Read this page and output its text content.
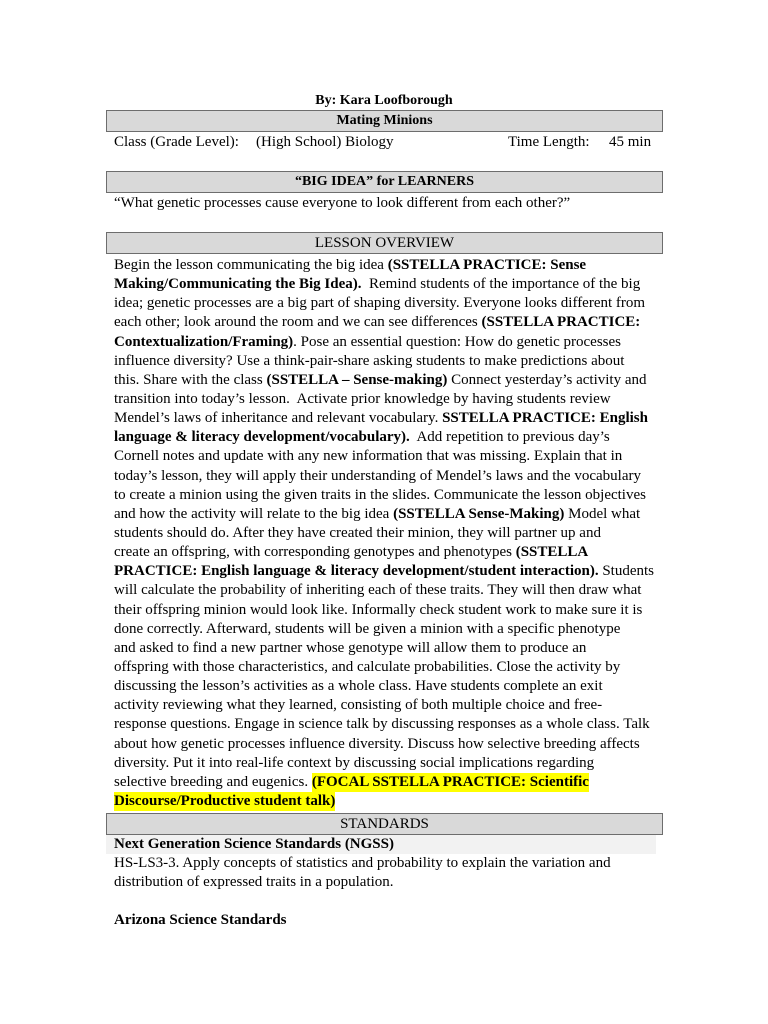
By: Kara Loofborough
Mating Minions
Class (Grade Level): (High School) Biology	Time Length: 45 min
“BIG IDEA” for LEARNERS
“What genetic processes cause everyone to look different from each other?”
LESSON OVERVIEW
Begin the lesson communicating the big idea (SSTELLA PRACTICE: Sense
Making/Communicating the Big Idea).  Remind students of the importance of the big
idea; genetic processes are a big part of shaping diversity. Everyone looks different from
each other; look around the room and we can see differences (SSTELLA PRACTICE:
Contextualization/Framing). Pose an essential question: How do genetic processes
influence diversity? Use a think-pair-share asking students to make predictions about
this. Share with the class (SSTELLA – Sense-making) Connect yesterday’s activity and
transition into today’s lesson.  Activate prior knowledge by having students review
Mendel’s laws of inheritance and relevant vocabulary. SSTELLA PRACTICE: English
language & literacy development/vocabulary).  Add repetition to previous day’s
Cornell notes and update with any new information that was missing. Explain that in
today’s lesson, they will apply their understanding of Mendel’s laws and the vocabulary
to create a minion using the given traits in the slides. Communicate the lesson objectives
and how the activity will relate to the big idea (SSTELLA Sense-Making) Model what
students should do. After they have created their minion, they will partner up and
create an offspring, with corresponding genotypes and phenotypes (SSTELLA
PRACTICE: English language & literacy development/student interaction). Students
will calculate the probability of inheriting each of these traits. They will then draw what
their offspring minion would look like. Informally check student work to make sure it is
done correctly. Afterward, students will be given a minion with a specific phenotype
and asked to find a new partner whose genotype will allow them to produce an
offspring with those characteristics, and calculate probabilities. Close the activity by
discussing the lesson’s activities as a whole class. Have students complete an exit
activity reviewing what they learned, consisting of both multiple choice and free-
response questions. Engage in science talk by discussing responses as a whole class. Talk
about how genetic processes influence diversity. Discuss how selective breeding affects
diversity. Put it into real-life context by discussing social implications regarding
selective breeding and eugenics. (FOCAL SSTELLA PRACTICE: Scientific
Discourse/Productive student talk)
STANDARDS
Next Generation Science Standards (NGSS)
HS-LS3-3. Apply concepts of statistics and probability to explain the variation and
distribution of expressed traits in a population.
Arizona Science Standards
